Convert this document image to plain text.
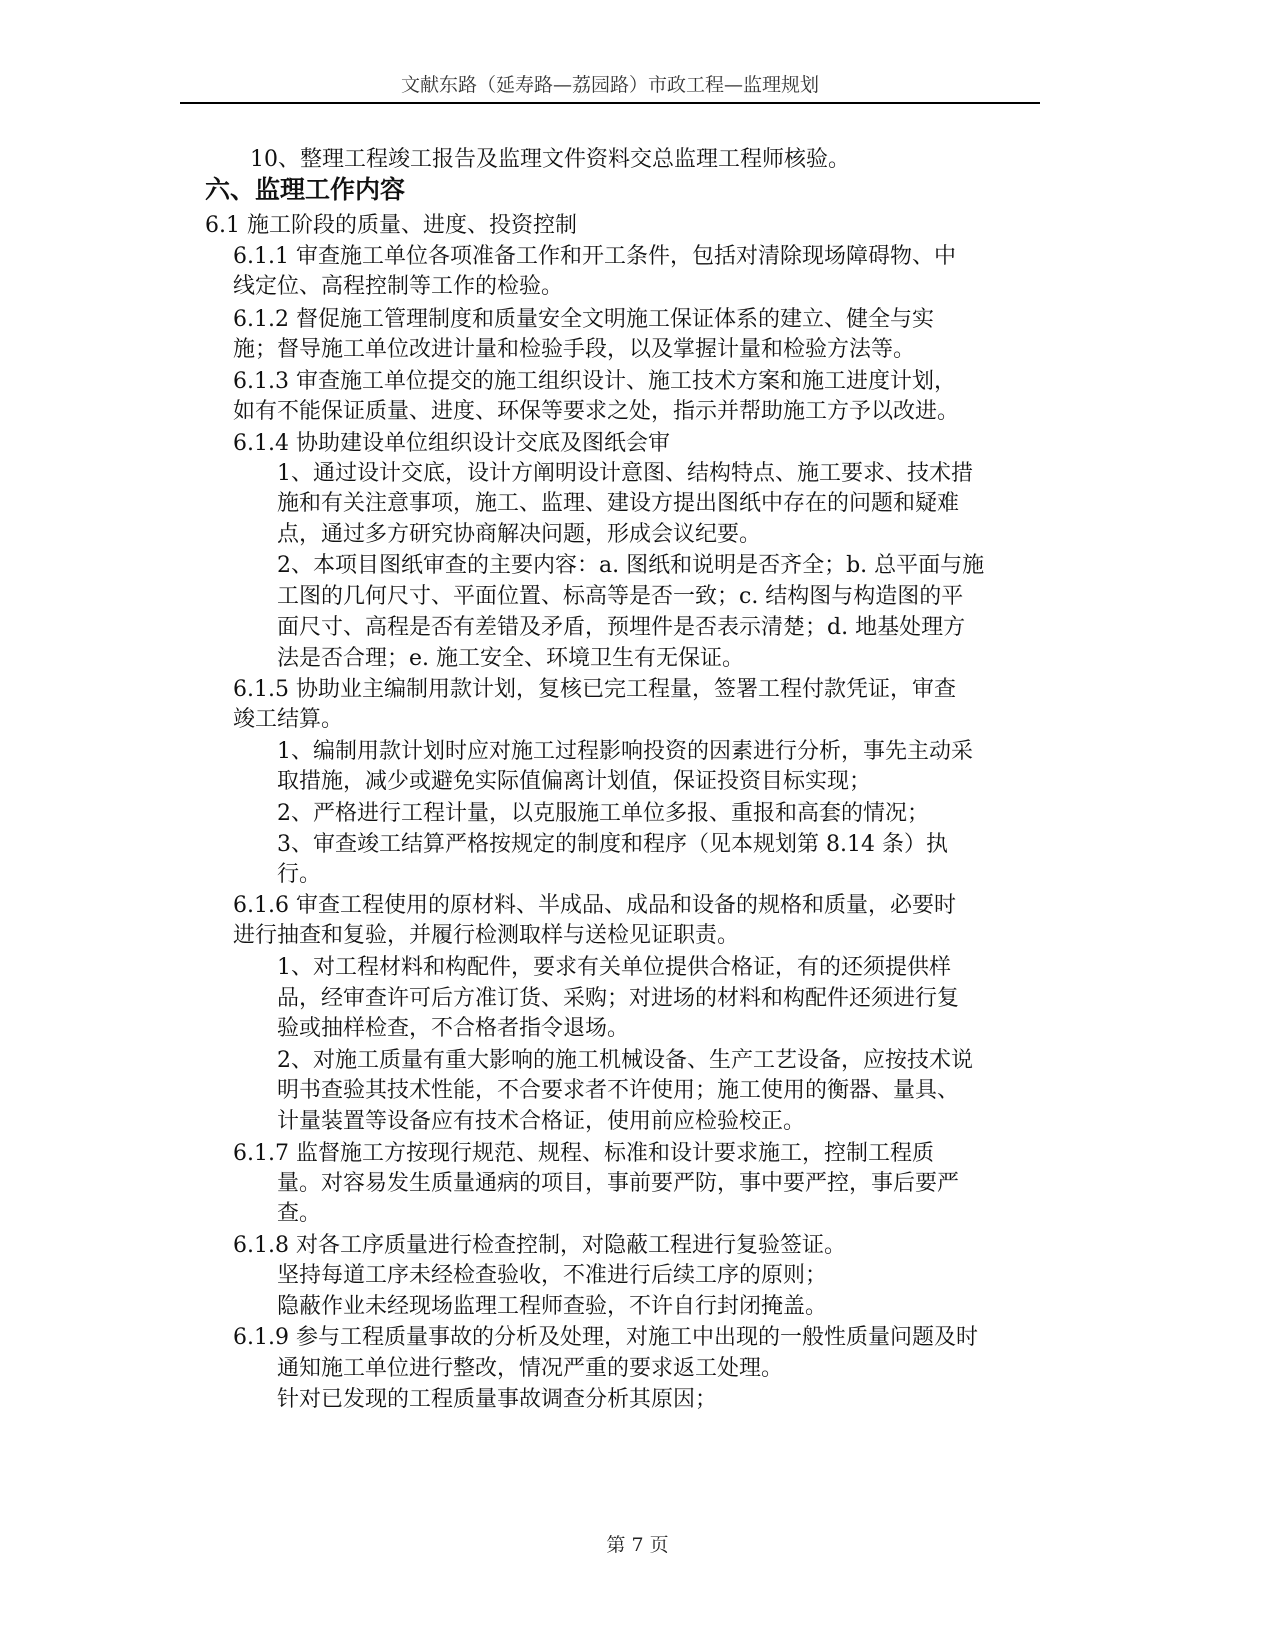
文献东路（延寿路—荔园路）市政工程—监理规划
10、整理工程竣工报告及监理文件资料交总监理工程师核验。
六、监理工作内容
6.1 施工阶段的质量、进度、投资控制
6.1.1 审查施工单位各项准备工作和开工条件，包括对清除现场障碍物、中
线定位、高程控制等工作的检验。
6.1.2 督促施工管理制度和质量安全文明施工保证体系的建立、健全与实
施；督导施工单位改进计量和检验手段，以及掌握计量和检验方法等。
6.1.3 审查施工单位提交的施工组织设计、施工技术方案和施工进度计划，
如有不能保证质量、进度、环保等要求之处，指示并帮助施工方予以改进。
6.1.4 协助建设单位组织设计交底及图纸会审
1、通过设计交底，设计方阐明设计意图、结构特点、施工要求、技术措
施和有关注意事项，施工、监理、建设方提出图纸中存在的问题和疑难
点，通过多方研究协商解决问题，形成会议纪要。
2、本项目图纸审查的主要内容：a. 图纸和说明是否齐全；b. 总平面与施
工图的几何尺寸、平面位置、标高等是否一致；c. 结构图与构造图的平
面尺寸、高程是否有差错及矛盾，预埋件是否表示清楚；d. 地基处理方
法是否合理；e. 施工安全、环境卫生有无保证。
6.1.5 协助业主编制用款计划，复核已完工程量，签署工程付款凭证，审查
竣工结算。
1、编制用款计划时应对施工过程影响投资的因素进行分析，事先主动采
取措施，减少或避免实际值偏离计划值，保证投资目标实现；
2、严格进行工程计量，以克服施工单位多报、重报和高套的情况；
3、审查竣工结算严格按规定的制度和程序（见本规划第 8.14 条）执
行。
6.1.6 审查工程使用的原材料、半成品、成品和设备的规格和质量，必要时
进行抽查和复验，并履行检测取样与送检见证职责。
1、对工程材料和构配件，要求有关单位提供合格证，有的还须提供样
品，经审查许可后方准订货、采购；对进场的材料和构配件还须进行复
验或抽样检查，不合格者指令退场。
2、对施工质量有重大影响的施工机械设备、生产工艺设备，应按技术说
明书查验其技术性能，不合要求者不许使用；施工使用的衡器、量具、
计量装置等设备应有技术合格证，使用前应检验校正。
6.1.7 监督施工方按现行规范、规程、标准和设计要求施工，控制工程质
量。对容易发生质量通病的项目，事前要严防，事中要严控，事后要严
查。
6.1.8 对各工序质量进行检查控制，对隐蔽工程进行复验签证。
坚持每道工序未经检查验收，不准进行后续工序的原则；
隐蔽作业未经现场监理工程师查验，不许自行封闭掩盖。
6.1.9 参与工程质量事故的分析及处理，对施工中出现的一般性质量问题及时
通知施工单位进行整改，情况严重的要求返工处理。
针对已发现的工程质量事故调查分析其原因；
第 7 页
